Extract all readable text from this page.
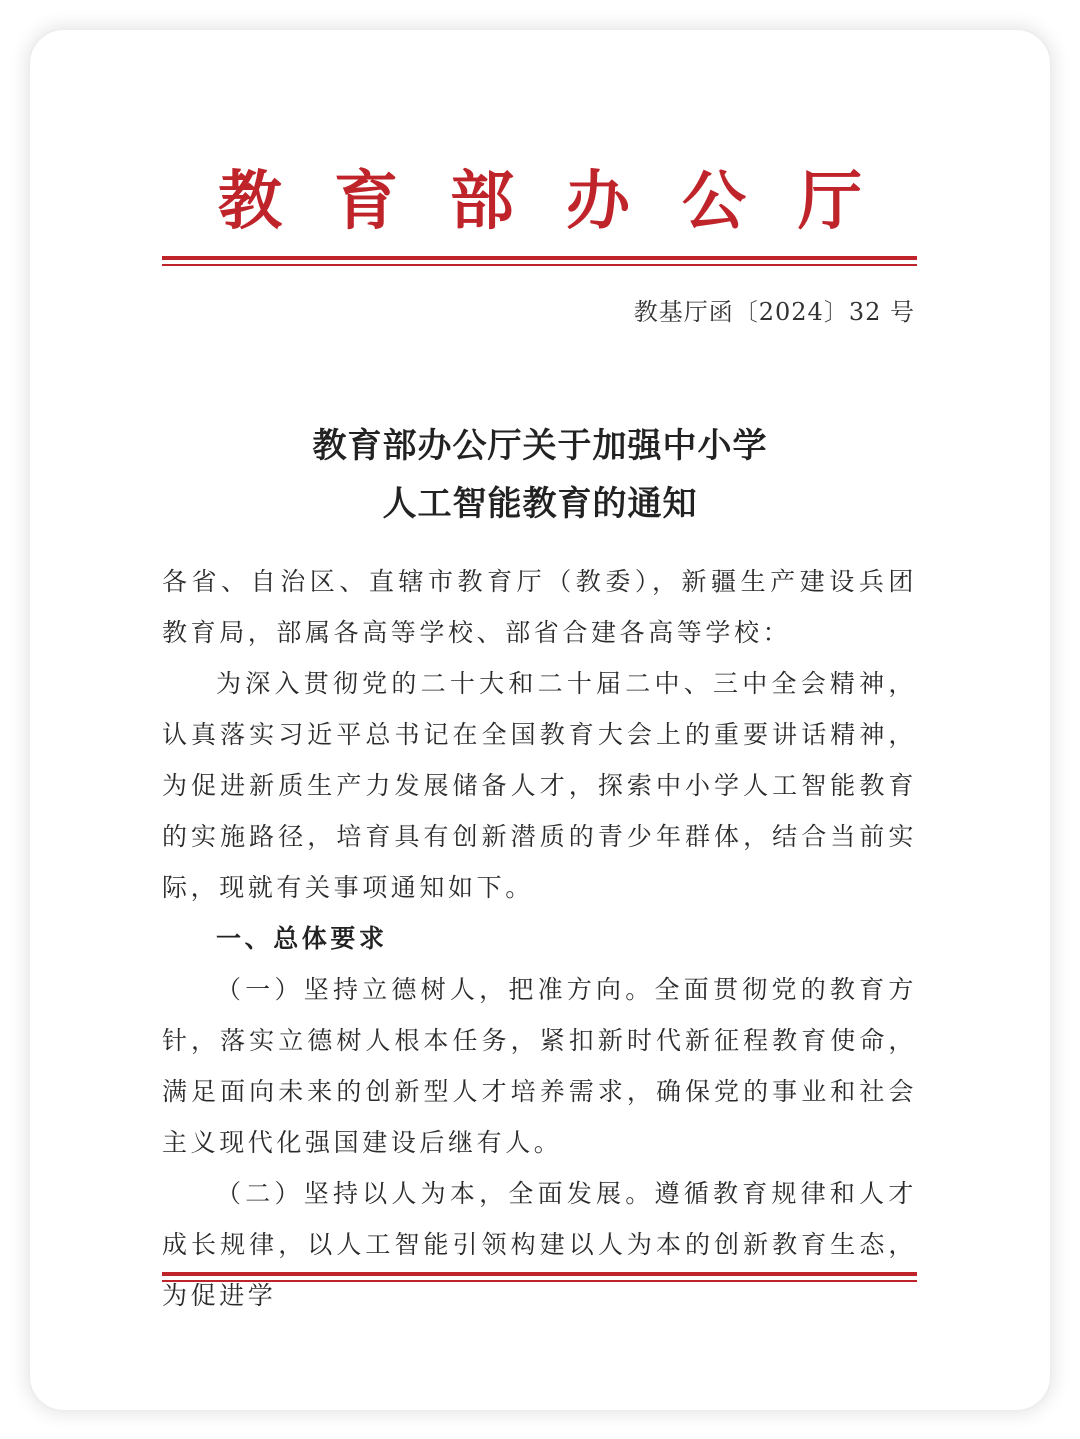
教 育 部 办 公 厅
教基厅函〔2024〕32 号
教育部办公厅关于加强中小学
人工智能教育的通知

各省、自治区、直辖市教育厅（教委），新疆生产建设兵团教育局，部属各高等学校、部省合建各高等学校：

为深入贯彻党的二十大和二十届二中、三中全会精神，认真落实习近平总书记在全国教育大会上的重要讲话精神，为促进新质生产力发展储备人才，探索中小学人工智能教育的实施路径，培育具有创新潜质的青少年群体，结合当前实际，现就有关事项通知如下。

一、总体要求

（一）坚持立德树人，把准方向。全面贯彻党的教育方针，落实立德树人根本任务，紧扣新时代新征程教育使命，满足面向未来的创新型人才培养需求，确保党的事业和社会主义现代化强国建设后继有人。

（二）坚持以人为本，全面发展。遵循教育规律和人才成长规律，以人工智能引领构建以人为本的创新教育生态，为促进学
